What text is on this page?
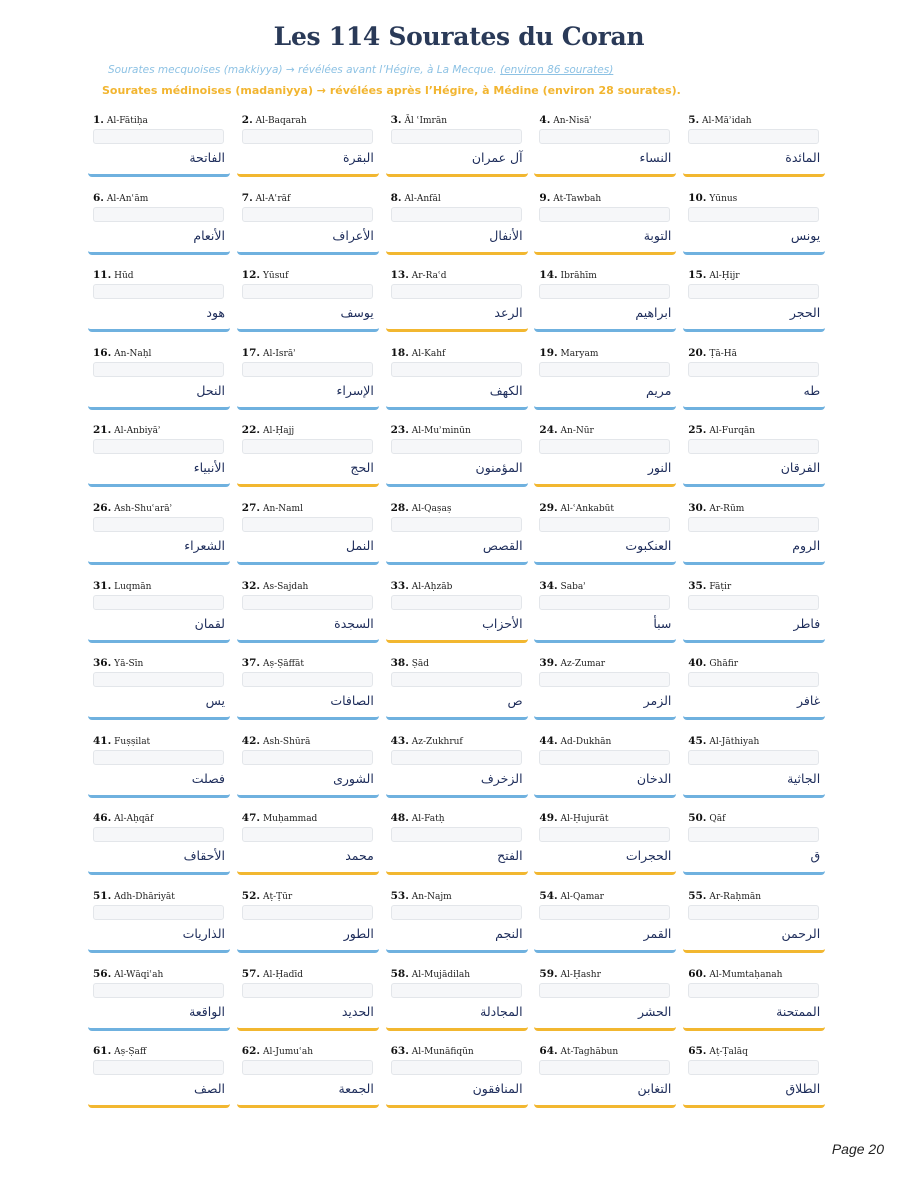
Les 114 Sourates du Coran
Sourates mecquoises (makkiyya) → révélées avant l’Hégire, à La Mecque. (environ 86 sourates)
Sourates médinoises (madaniyya) → révélées après l’Hégire, à Médine (environ 28 sourates).
1. Al-Fātiḥa
الفاتحة
2. Al-Baqarah
البقرة
3. Āl ʿImrān
آل عمران
4. An-Nisāʾ
النساء
5. Al-Māʾidah
المائدة
6. Al-Anʿām
الأنعام
7. Al-Aʿrāf
الأعراف
8. Al-Anfāl
الأنفال
9. At-Tawbah
التوبة
10. Yūnus
يونس
11. Hūd
هود
12. Yūsuf
يوسف
13. Ar-Raʿd
الرعد
14. Ibrāhīm
ابراهيم
15. Al-Ḥijr
الحجر
16. An-Naḥl
النحل
17. Al-Isrāʾ
الإسراء
18. Al-Kahf
الكهف
19. Maryam
مريم
20. Ṭā-Hā
طه
21. Al-Anbiyāʾ
الأنبياء
22. Al-Ḥajj
الحج
23. Al-Muʾminūn
المؤمنون
24. An-Nūr
النور
25. Al-Furqān
الفرقان
26. Ash-Shuʿarāʾ
الشعراء
27. An-Naml
النمل
28. Al-Qaṣaṣ
القصص
29. Al-ʿAnkabūt
العنكبوت
30. Ar-Rūm
الروم
31. Luqmān
لقمان
32. As-Sajdah
السجدة
33. Al-Aḥzāb
الأحزاب
34. Sabaʾ
سبأ
35. Fāṭir
فاطر
36. Yā-Sīn
يس
37. Aṣ-Ṣāffāt
الصافات
38. Ṣād
ص
39. Az-Zumar
الزمر
40. Ghāfir
غافر
41. Fuṣṣilat
فصلت
42. Ash-Shūrā
الشورى
43. Az-Zukhruf
الزخرف
44. Ad-Dukhān
الدخان
45. Al-Jāthiyah
الجاثية
46. Al-Aḥqāf
الأحقاف
47. Muḥammad
محمد
48. Al-Fatḥ
الفتح
49. Al-Ḥujurāt
الحجرات
50. Qāf
ق
51. Adh-Dhāriyāt
الذاريات
52. Aṭ-Ṭūr
الطور
53. An-Najm
النجم
54. Al-Qamar
القمر
55. Ar-Raḥmān
الرحمن
56. Al-Wāqiʿah
الواقعة
57. Al-Ḥadīd
الحديد
58. Al-Mujādilah
المجادلة
59. Al-Ḥashr
الحشر
60. Al-Mumtaḥanah
الممتحنة
61. Aṣ-Ṣaff
الصف
62. Al-Jumuʿah
الجمعة
63. Al-Munāfiqūn
المنافقون
64. At-Taghābun
التغابن
65. Aṭ-Ṭalāq
الطلاق
Page 20
